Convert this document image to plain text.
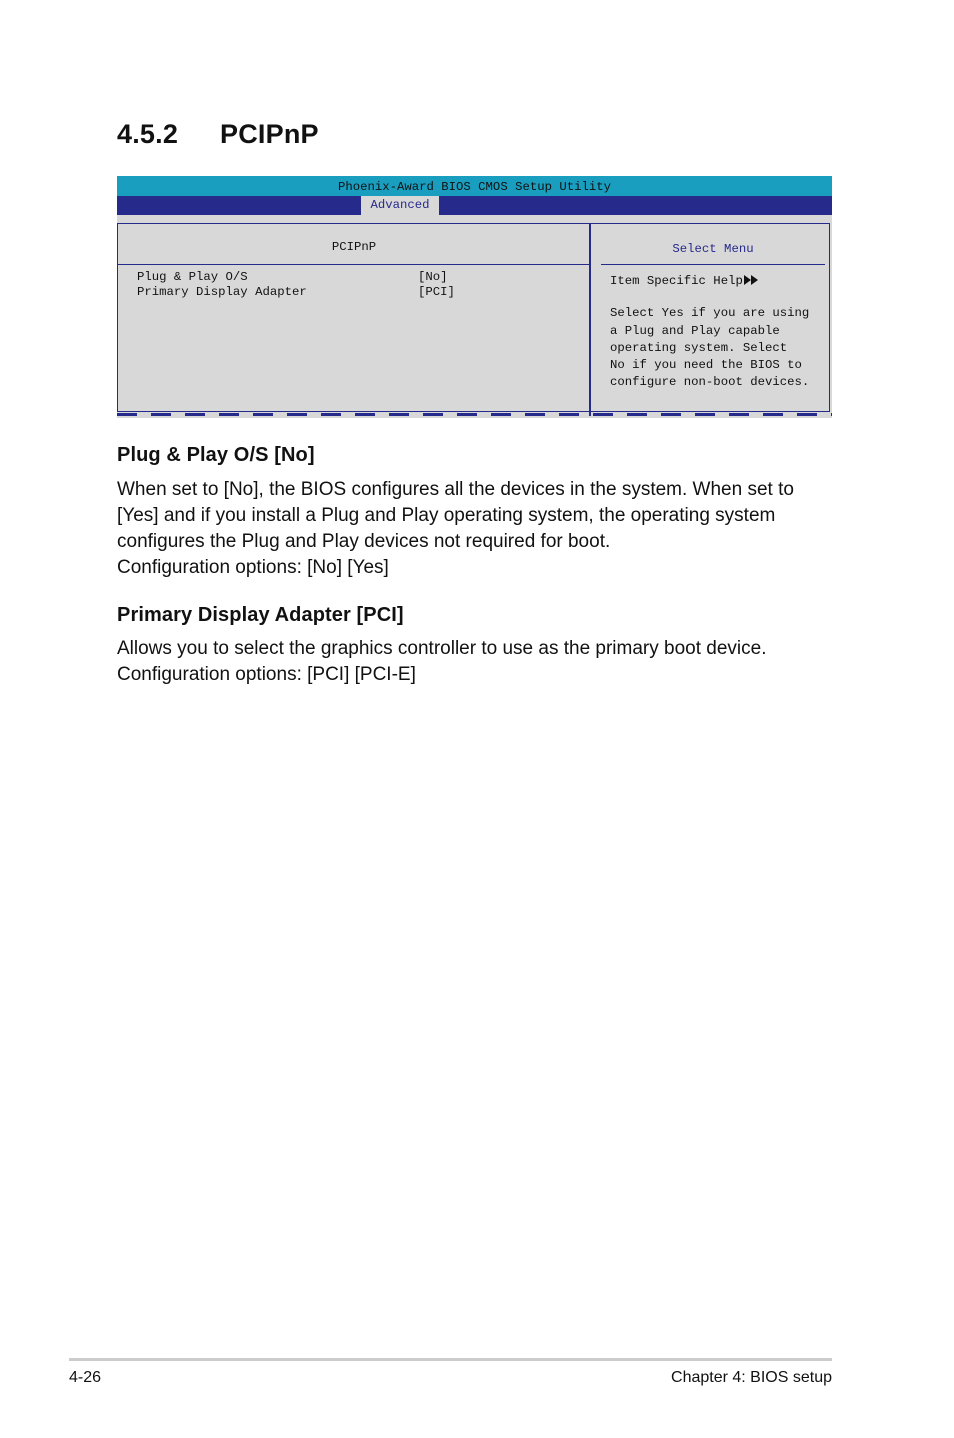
4.5.2 PCIPnP
Phoenix-Award BIOS CMOS Setup Utility
Advanced
PCIPnP	Select Menu
Plug & Play O/S	[No]
Primary Display Adapter	[PCI]
Item Specific Help
Select Yes if you are using
a Plug and Play capable
operating system. Select
No if you need the BIOS to
configure non-boot devices.
Plug & Play O/S [No]

When set to [No], the BIOS configures all the devices in the system. When set to
[Yes] and if you install a Plug and Play operating system, the operating system
configures the Plug and Play devices not required for boot.
Configuration options: [No] [Yes]

Primary Display Adapter [PCI]

Allows you to select the graphics controller to use as the primary boot device.
Configuration options: [PCI] [PCI-E]

4-26	Chapter 4: BIOS setup
